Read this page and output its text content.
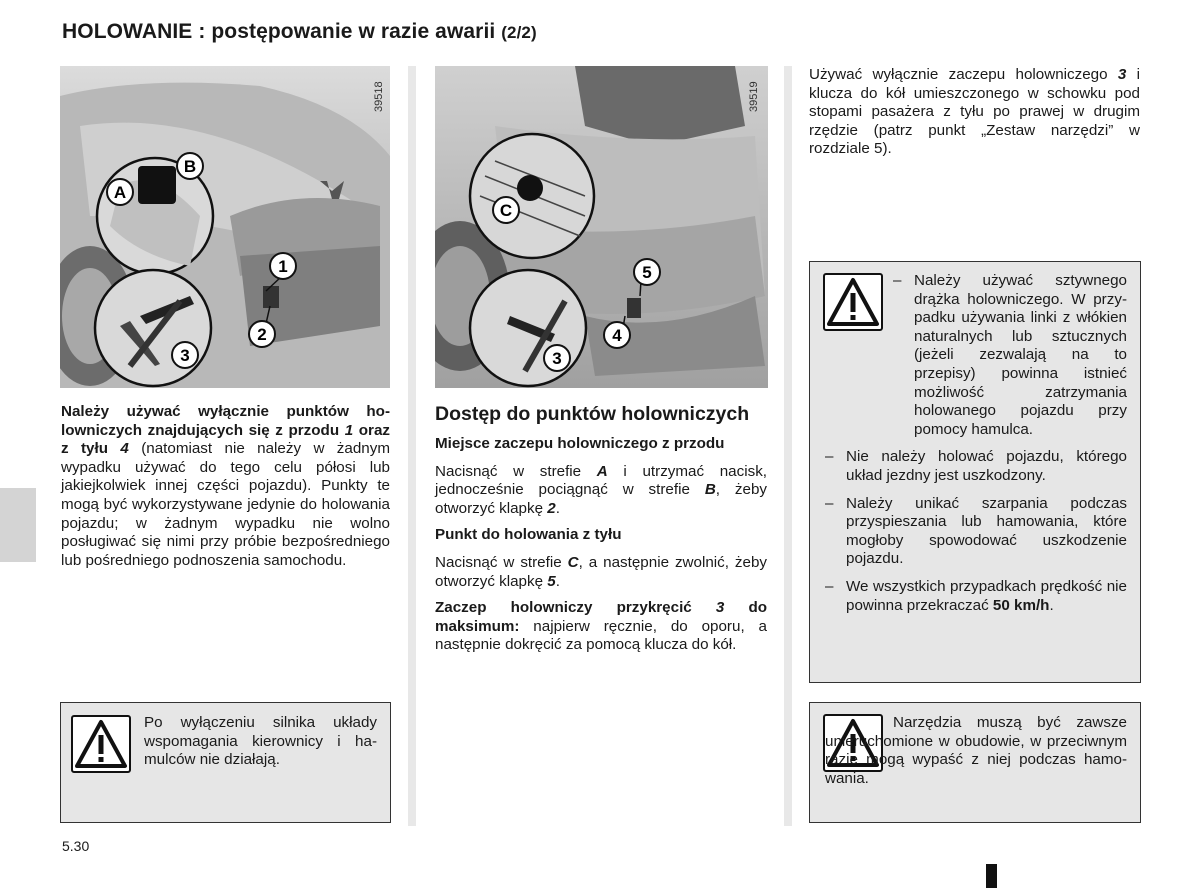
HOLOWANIE : postępowanie w razie awarii (2/2)
A
B
1
2
3
39518
C
5
3
4
39519

Należy używać wyłącznie punktów holowniczych znajdujących się z przodu 1 oraz z tyłu 4 (natomiast nie należy w żadnym wypadku używać do tego celu półosi lub jakiejkolwiek innej części pojazdu). Punkty te mogą być wykorzystywane jedynie do holowania pojazdu; w żadnym wypadku nie wolno posługiwać się nimi przy próbie bezpośredniego lub pośredniego podnoszenia samochodu.

Po wyłączeniu silnika układy wspomagania kierownicy i hamulców nie działają.
Dostęp do punktów holowniczych
Miejsce zaczepu holowniczego z przodu

Nacisnąć w strefie A i utrzymać nacisk, jednocześnie pociągnąć w strefie B, żeby otworzyć klapkę 2.

Punkt do holowania z tyłu

Nacisnąć w strefie C, a następnie zwolnić, żeby otworzyć klapkę 5.

Zaczep holowniczy przykręcić 3 do maksimum: najpierw ręcznie, do oporu, a następnie dokręcić za pomocą klucza do kół.

Używać wyłącznie zaczepu holowniczego 3 i klucza do kół umieszczonego w schowku pod stopami pasażera z tyłu po prawej w drugim rzędzie (patrz punkt „Zestaw narzędzi” w rozdziale 5).
– Należy używać sztywnego drążka holowniczego. W przypadku używania linki z włókien naturalnych lub sztucznych (jeżeli zezwalają na to przepisy) powinna istnieć możliwość zatrzymania holowanego pojazdu przy pomocy hamulca.
– Nie należy holować pojazdu, którego układ jezdny jest uszkodzony.
– Należy unikać szarpania podczas przyspieszania lub hamowania, które mogłoby spowodować uszkodzenie pojazdu.
– We wszystkich przypadkach prędkość nie powinna przekraczać 50 km/h.
Narzędzia muszą być zawsze unieruchomione w obudowie, w przeciwnym razie mogą wypaść z niej podczas hamowania.
5.30
